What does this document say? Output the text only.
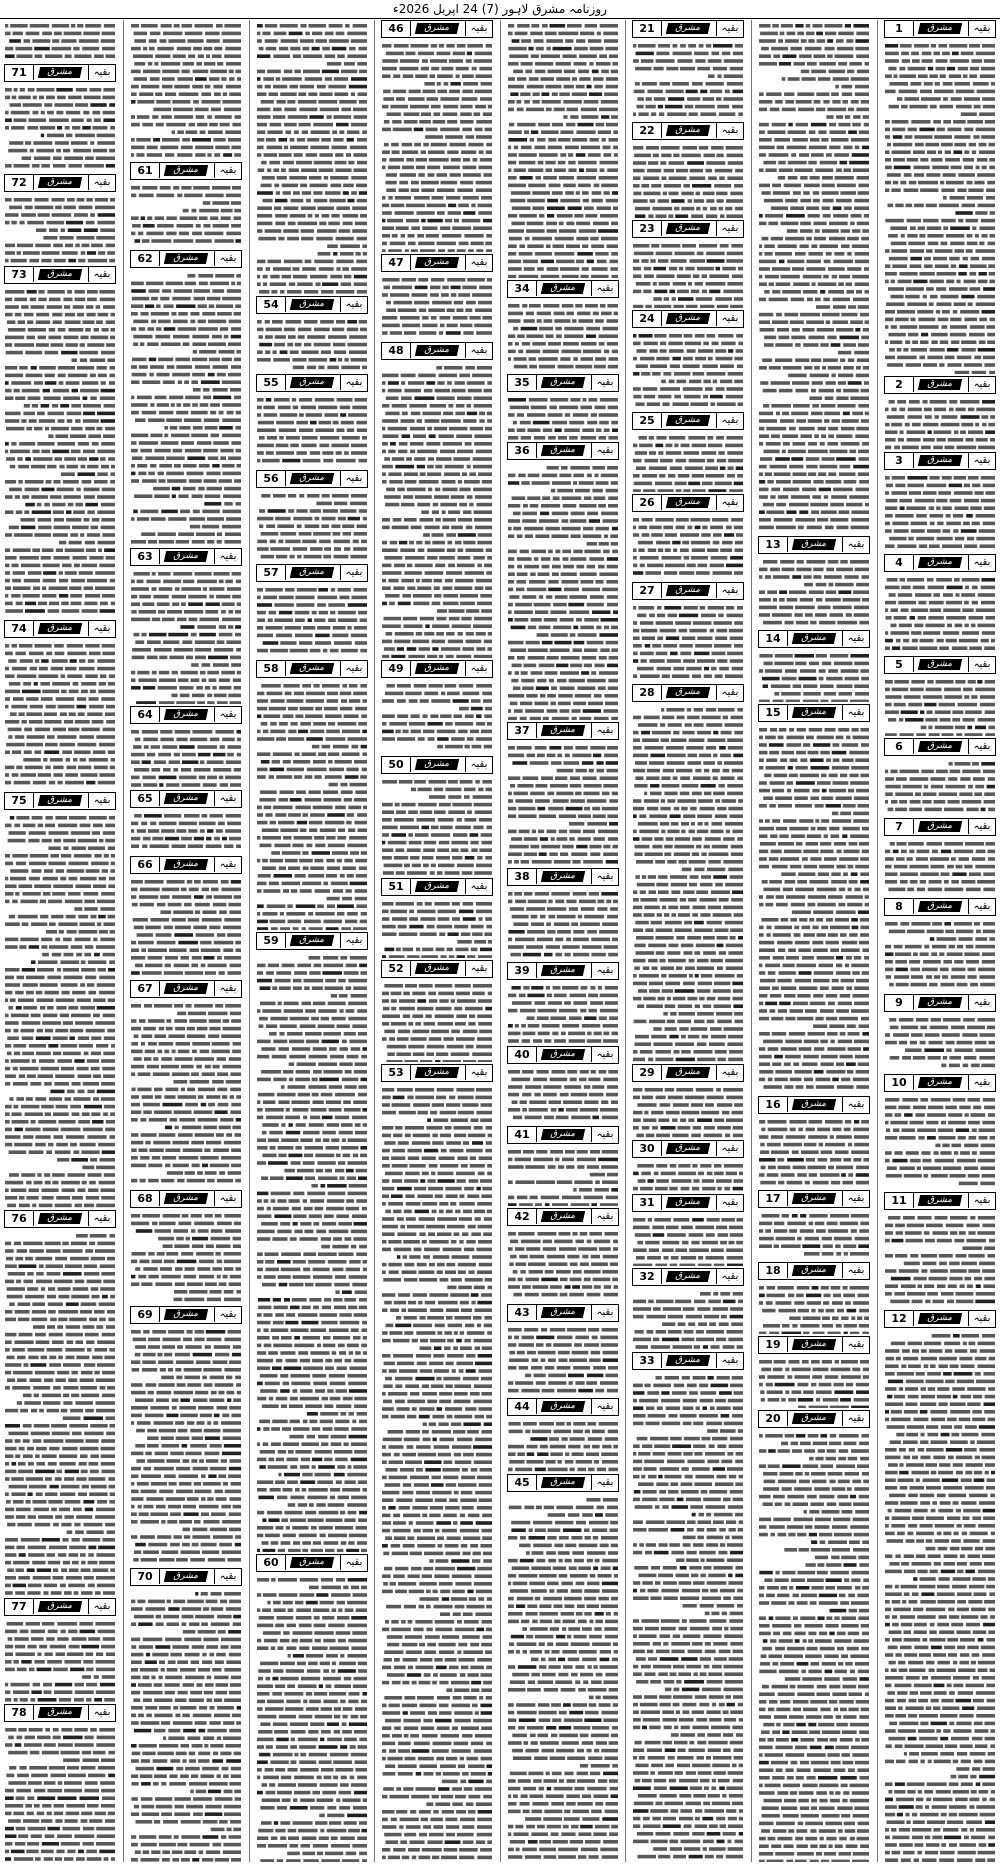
روزنامہ مشرق لاہور (7) 24 اپریل 2026ء
بقیہ
مشرق
1
بقیہ
مشرق
2
بقیہ
مشرق
3
بقیہ
مشرق
4
بقیہ
مشرق
5
بقیہ
مشرق
6
بقیہ
مشرق
7
بقیہ
مشرق
8
بقیہ
مشرق
9
بقیہ
مشرق
10
بقیہ
مشرق
11
بقیہ
مشرق
12
بقیہ
مشرق
13
بقیہ
مشرق
14
بقیہ
مشرق
15
بقیہ
مشرق
16
بقیہ
مشرق
17
بقیہ
مشرق
18
بقیہ
مشرق
19
بقیہ
مشرق
20
بقیہ
مشرق
21
بقیہ
مشرق
22
بقیہ
مشرق
23
بقیہ
مشرق
24
بقیہ
مشرق
25
بقیہ
مشرق
26
بقیہ
مشرق
27
بقیہ
مشرق
28
بقیہ
مشرق
29
بقیہ
مشرق
30
بقیہ
مشرق
31
بقیہ
مشرق
32
بقیہ
مشرق
33
بقیہ
مشرق
34
بقیہ
مشرق
35
بقیہ
مشرق
36
بقیہ
مشرق
37
بقیہ
مشرق
38
بقیہ
مشرق
39
بقیہ
مشرق
40
بقیہ
مشرق
41
بقیہ
مشرق
42
بقیہ
مشرق
43
بقیہ
مشرق
44
بقیہ
مشرق
45
بقیہ
مشرق
46
بقیہ
مشرق
47
بقیہ
مشرق
48
بقیہ
مشرق
49
بقیہ
مشرق
50
بقیہ
مشرق
51
بقیہ
مشرق
52
بقیہ
مشرق
53
بقیہ
مشرق
54
بقیہ
مشرق
55
بقیہ
مشرق
56
بقیہ
مشرق
57
بقیہ
مشرق
58
بقیہ
مشرق
59
بقیہ
مشرق
60
بقیہ
مشرق
61
بقیہ
مشرق
62
بقیہ
مشرق
63
بقیہ
مشرق
64
بقیہ
مشرق
65
بقیہ
مشرق
66
بقیہ
مشرق
67
بقیہ
مشرق
68
بقیہ
مشرق
69
بقیہ
مشرق
70
بقیہ
مشرق
71
بقیہ
مشرق
72
بقیہ
مشرق
73
بقیہ
مشرق
74
بقیہ
مشرق
75
بقیہ
مشرق
76
بقیہ
مشرق
77
بقیہ
مشرق
78
